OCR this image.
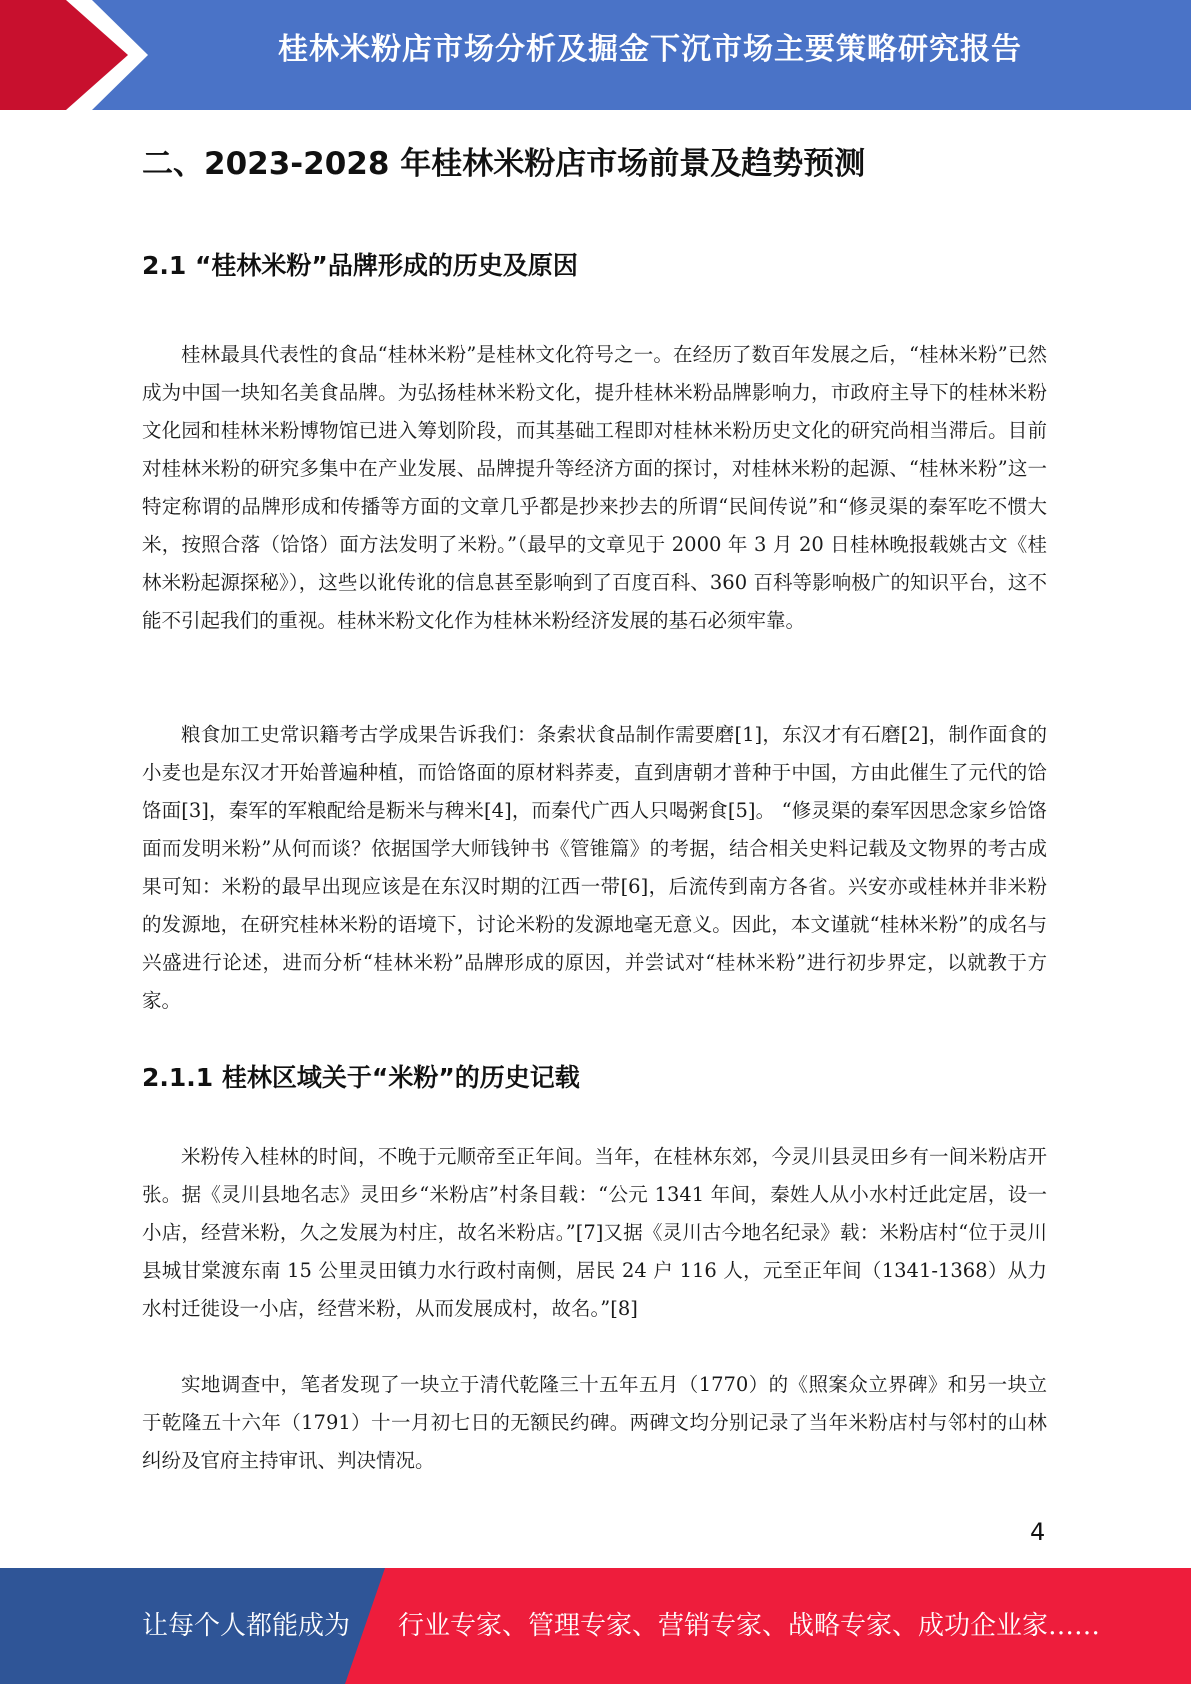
桂林米粉店市场分析及掘金下沉市场主要策略研究报告
二、2023-2028 年桂林米粉店市场前景及趋势预测
2.1 “桂林米粉”品牌形成的历史及原因

桂林最具代表性的食品“桂林米粉”是桂林文化符号之一。在经历了数百年发展之后，“桂林米粉”已然成为中国一块知名美食品牌。为弘扬桂林米粉文化，提升桂林米粉品牌影响力，市政府主导下的桂林米粉文化园和桂林米粉博物馆已进入筹划阶段，而其基础工程即对桂林米粉历史文化的研究尚相当滞后。目前对桂林米粉的研究多集中在产业发展、品牌提升等经济方面的探讨，对桂林米粉的起源、“桂林米粉”这一特定称谓的品牌形成和传播等方面的文章几乎都是抄来抄去的所谓“民间传说”和“修灵渠的秦军吃不惯大米，按照合落（饸饹）面方法发明了米粉。”（最早的文章见于 2000 年 3 月 20 日桂林晚报载姚古文《桂林米粉起源探秘》），这些以讹传讹的信息甚至影响到了百度百科、360 百科等影响极广的知识平台，这不能不引起我们的重视。桂林米粉文化作为桂林米粉经济发展的基石必须牢靠。

粮食加工史常识籍考古学成果告诉我们：条索状食品制作需要磨[1]，东汉才有石磨[2]，制作面食的小麦也是东汉才开始普遍种植，而饸饹面的原材料荞麦，直到唐朝才普种于中国，方由此催生了元代的饸饹面[3]，秦军的军粮配给是粝米与稗米[4]，而秦代广西人只喝粥食[5]。 “修灵渠的秦军因思念家乡饸饹面而发明米粉”从何而谈？依据国学大师钱钟书《管锥篇》的考据，结合相关史料记载及文物界的考古成果可知：米粉的最早出现应该是在东汉时期的江西一带[6]，后流传到南方各省。兴安亦或桂林并非米粉的发源地，在研究桂林米粉的语境下，讨论米粉的发源地毫无意义。因此，本文谨就“桂林米粉”的成名与兴盛进行论述，进而分析“桂林米粉”品牌形成的原因，并尝试对“桂林米粉”进行初步界定，以就教于方家。

2.1.1 桂林区域关于“米粉”的历史记载

米粉传入桂林的时间，不晚于元顺帝至正年间。当年，在桂林东郊，今灵川县灵田乡有一间米粉店开张。据《灵川县地名志》灵田乡“米粉店”村条目载：“公元 1341 年间，秦姓人从小水村迁此定居，设一小店，经营米粉，久之发展为村庄，故名米粉店。”[7]又据《灵川古今地名纪录》载：米粉店村“位于灵川县城甘棠渡东南 15 公里灵田镇力水行政村南侧，居民 24 户 116 人，元至正年间（1341-1368）从力水村迁徙设一小店，经营米粉，从而发展成村，故名。”[8]

实地调查中，笔者发现了一块立于清代乾隆三十五年五月（1770）的《照案众立界碑》和另一块立于乾隆五十六年（1791）十一月初七日的无额民约碑。两碑文均分别记录了当年米粉店村与邻村的山林纠纷及官府主持审讯、判决情况。

4
让每个人都能成为 行业专家、管理专家、营销专家、战略专家、成功企业家……
